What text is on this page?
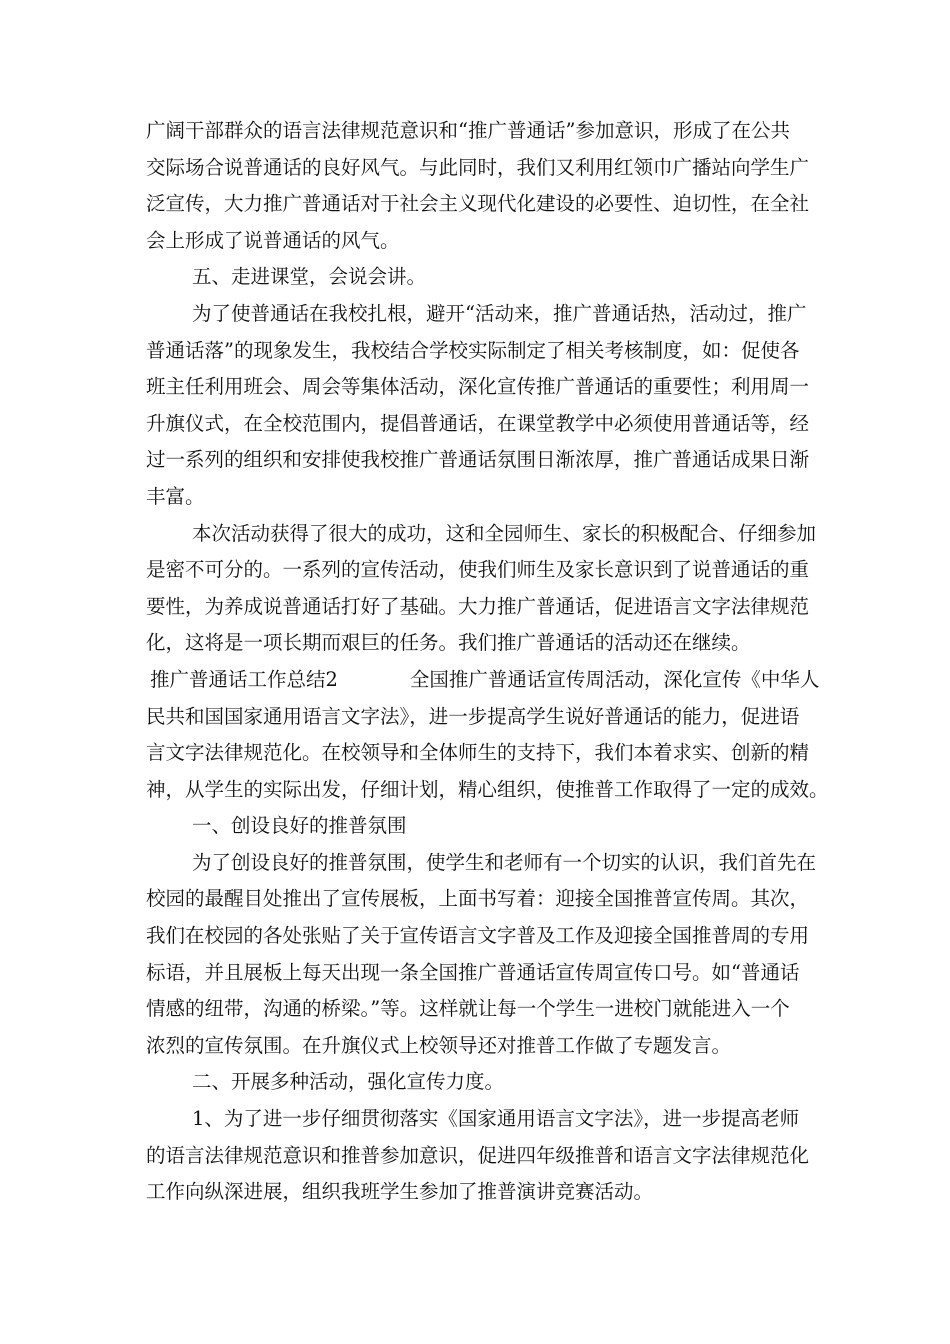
广阔干部群众的语言法律规范意识和“推广普通话”参加意识，形成了在公共
交际场合说普通话的良好风气。与此同时，我们又利用红领巾广播站向学生广
泛宣传，大力推广普通话对于社会主义现代化建设的必要性、迫切性，在全社
会上形成了说普通话的风气。
五、走进课堂，会说会讲。
为了使普通话在我校扎根，避开“活动来，推广普通话热，活动过，推广
普通话落”的现象发生，我校结合学校实际制定了相关考核制度，如：促使各
班主任利用班会、周会等集体活动，深化宣传推广普通话的重要性；利用周一
升旗仪式，在全校范围内，提倡普通话，在课堂教学中必须使用普通话等，经
过一系列的组织和安排使我校推广普通话氛围日渐浓厚，推广普通话成果日渐
丰富。
本次活动获得了很大的成功，这和全园师生、家长的积极配合、仔细参加
是密不可分的。一系列的宣传活动，使我们师生及家长意识到了说普通话的重
要性，为养成说普通话打好了基础。大力推广普通话，促进语言文字法律规范
化，这将是一项长期而艰巨的任务。我们推广普通话的活动还在继续。
推广普通话工作总结2	全国推广普通话宣传周活动，深化宣传《中华人
民共和国国家通用语言文字法》，进一步提高学生说好普通话的能力，促进语
言文字法律规范化。在校领导和全体师生的支持下，我们本着求实、创新的精
神，从学生的实际出发，仔细计划，精心组织，使推普工作取得了一定的成效。
一、创设良好的推普氛围
为了创设良好的推普氛围，使学生和老师有一个切实的认识，我们首先在
校园的最醒目处推出了宣传展板，上面书写着：迎接全国推普宣传周。其次，
我们在校园的各处张贴了关于宣传语言文字普及工作及迎接全国推普周的专用
标语，并且展板上每天出现一条全国推广普通话宣传周宣传口号。如“普通话
情感的纽带，沟通的桥梁。”等。这样就让每一个学生一进校门就能进入一个
浓烈的宣传氛围。在升旗仪式上校领导还对推普工作做了专题发言。
二、开展多种活动，强化宣传力度。
1、为了进一步仔细贯彻落实《国家通用语言文字法》，进一步提高老师
的语言法律规范意识和推普参加意识，促进四年级推普和语言文字法律规范化
工作向纵深进展，组织我班学生参加了推普演讲竞赛活动。
